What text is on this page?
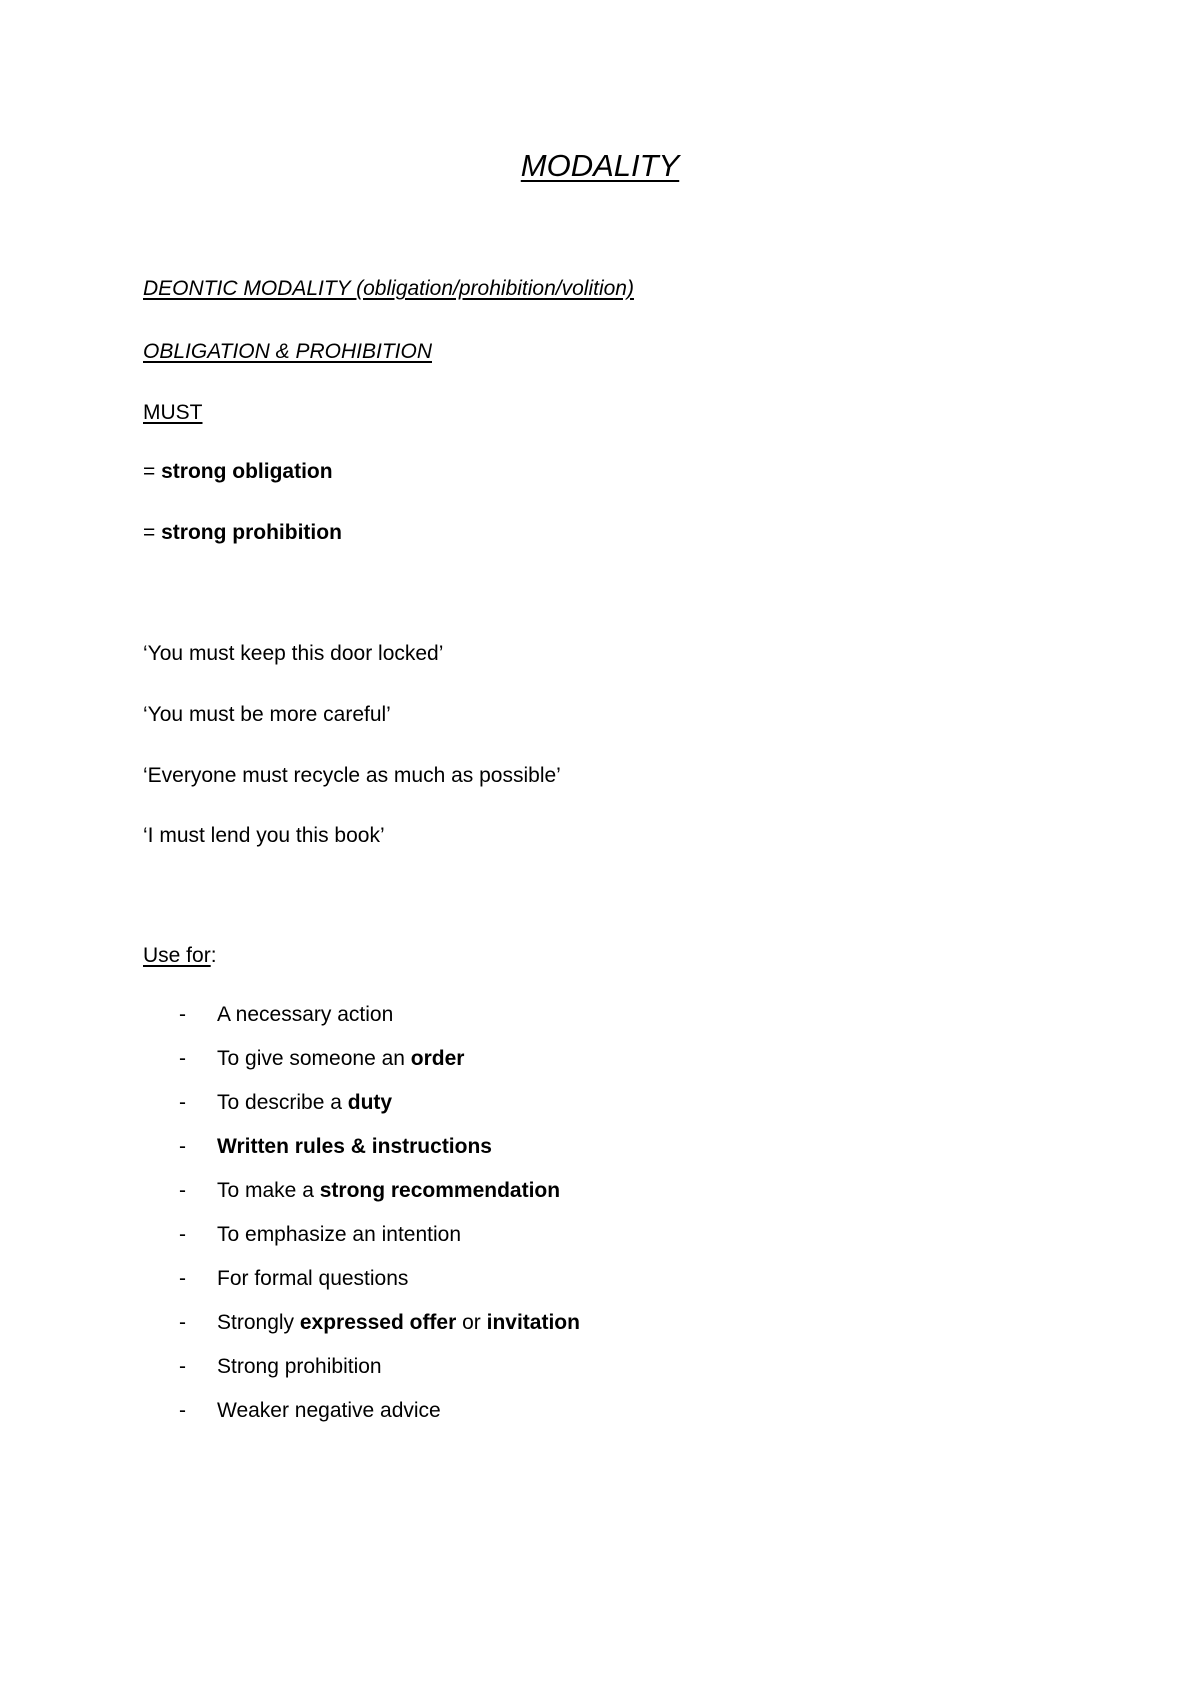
MODALITY
DEONTIC MODALITY (obligation/prohibition/volition)
OBLIGATION & PROHIBITION
MUST
= strong obligation
= strong prohibition
‘You must keep this door locked’
‘You must be more careful’
‘Everyone must recycle as much as possible’
‘I must lend you this book’
Use for:
- A necessary action
- To give someone an order
- To describe a duty
- Written rules & instructions
- To make a strong recommendation
- To emphasize an intention
- For formal questions
- Strongly expressed offer or invitation
- Strong prohibition
- Weaker negative advice
